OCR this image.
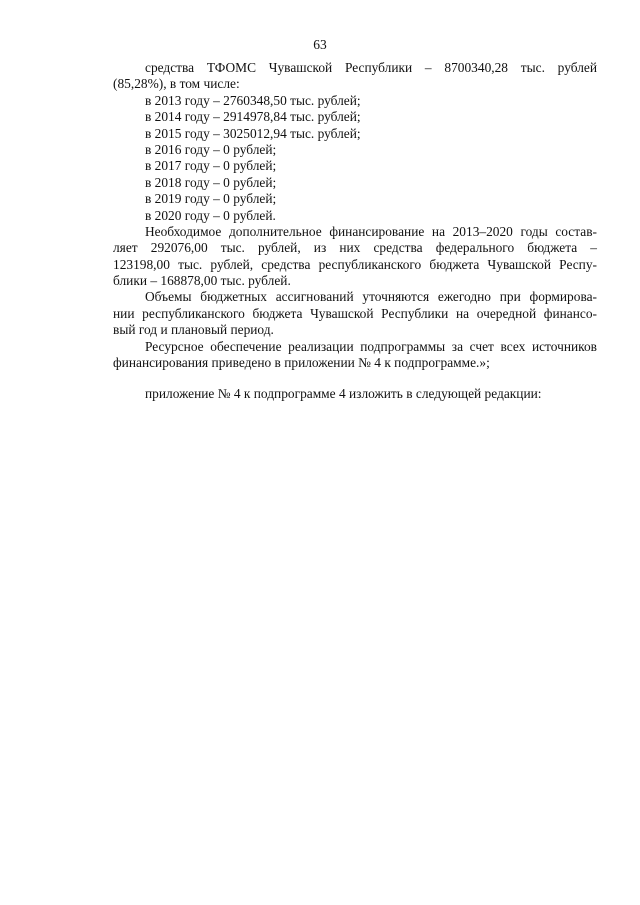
63
средства ТФОМС Чувашской Республики – 8700340,28 тыс. рублей
(85,28%), в том числе:
в 2013 году – 2760348,50 тыс. рублей;
в 2014 году – 2914978,84 тыс. рублей;
в 2015 году – 3025012,94 тыс. рублей;
в 2016 году – 0 рублей;
в 2017 году – 0 рублей;
в 2018 году – 0 рублей;
в 2019 году – 0 рублей;
в 2020 году – 0 рублей.
Необходимое дополнительное финансирование на 2013–2020 годы состав-
ляет 292076,00 тыс. рублей, из них средства федерального бюджета –
123198,00 тыс. рублей, средства республиканского бюджета Чувашской Респу-
блики – 168878,00 тыс. рублей.
Объемы бюджетных ассигнований уточняются ежегодно при формирова-
нии республиканского бюджета Чувашской Республики на очередной финансо-
вый год и плановый период.
Ресурсное обеспечение реализации подпрограммы за счет всех источников
финансирования приведено в приложении № 4 к подпрограмме.»;
приложение № 4 к подпрограмме 4 изложить в следующей редакции:
